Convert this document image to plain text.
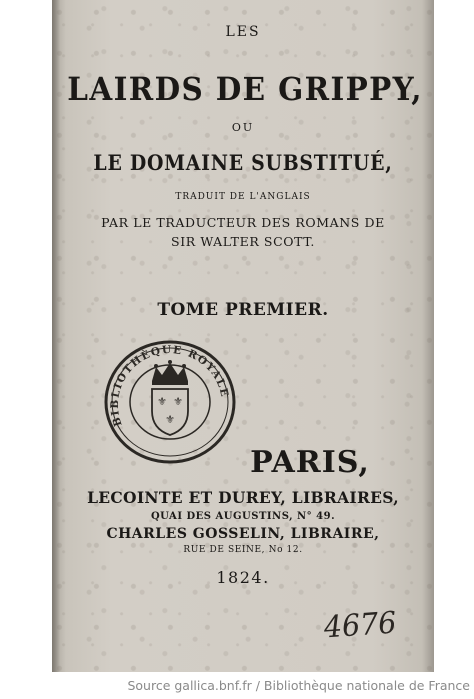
LES
LAIRDS DE GRIPPY,
OU
LE DOMAINE SUBSTITUÉ,
TRADUIT DE L'ANGLAIS
PAR LE TRADUCTEUR DES ROMANS DE
SIR WALTER SCOTT.
TOME PREMIER.
BIBLIOTHÈQUE ROYALE
⚜ ⚜
⚜
PARIS,
LECOINTE ET DUREY, LIBRAIRES,
QUAI DES AUGUSTINS, N° 49.
CHARLES GOSSELIN, LIBRAIRE,
RUE DE SEINE, No 12.
1824.
4676
Source gallica.bnf.fr / Bibliothèque nationale de France
